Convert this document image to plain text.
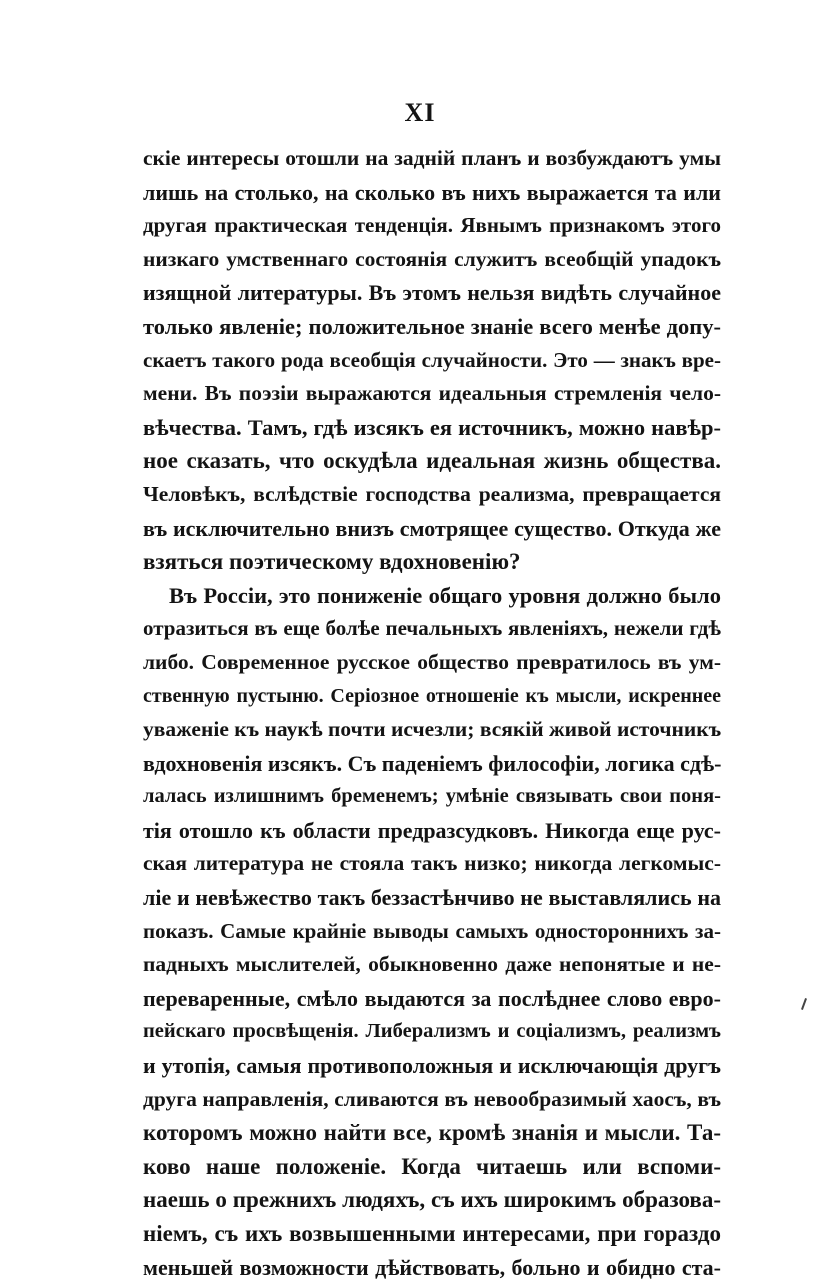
XI
скіе интересы отошли на задній планъ и возбуждаютъ умы
лишь на столько, на сколько въ нихъ выражается та или
другая практическая тенденція. Явнымъ признакомъ этого
низкаго умственнаго состоянія служитъ всеобщій упадокъ
изящной литературы. Въ этомъ нельзя видѣть случайное
только явленіе; положительное знаніе всего менѣе допу-
скаетъ такого рода всеобщія случайности. Это — знакъ вре-
мени. Въ поэзіи выражаются идеальныя стремленія чело-
вѣчества. Тамъ, гдѣ изсякъ ея источникъ, можно навѣр-
ное сказать, что оскудѣла идеальная жизнь общества.
Человѣкъ, вслѣдствіе господства реализма, превращается
въ исключительно внизъ смотрящее существо. Откуда же
взяться поэтическому вдохновенію?
Въ Россіи, это пониженіе общаго уровня должно было
отразиться въ еще болѣе печальныхъ явленіяхъ, нежели гдѣ
либо. Современное русское общество превратилось въ ум-
ственную пустыню. Серіозное отношеніе къ мысли, искреннее
уваженіе къ наукѣ почти исчезли; всякій живой источникъ
вдохновенія изсякъ. Съ паденіемъ философіи, логика сдѣ-
лалась излишнимъ бременемъ; умѣніе связывать свои поня-
тія отошло къ области предразсудковъ. Никогда еще рус-
ская литература не стояла такъ низко; никогда легкомыс-
ліе и невѣжество такъ беззастѣнчиво не выставлялись на
показъ. Самые крайніе выводы самыхъ одностороннихъ за-
падныхъ мыслителей, обыкновенно даже непонятые и не-
переваренные, смѣло выдаются за послѣднее слово евро-
пейскаго просвѣщенія. Либерализмъ и соціализмъ, реализмъ
и утопія, самыя противоположныя и исключающія другъ
друга направленія, сливаются въ невообразимый хаосъ, въ
которомъ можно найти все, кромѣ знанія и мысли. Та-
ково наше положеніе. Когда читаешь или вспоми-
наешь о прежнихъ людяхъ, съ ихъ широкимъ образова-
ніемъ, съ ихъ возвышенными интересами, при гораздо
меньшей возможности дѣйствовать, больно и обидно ста-
